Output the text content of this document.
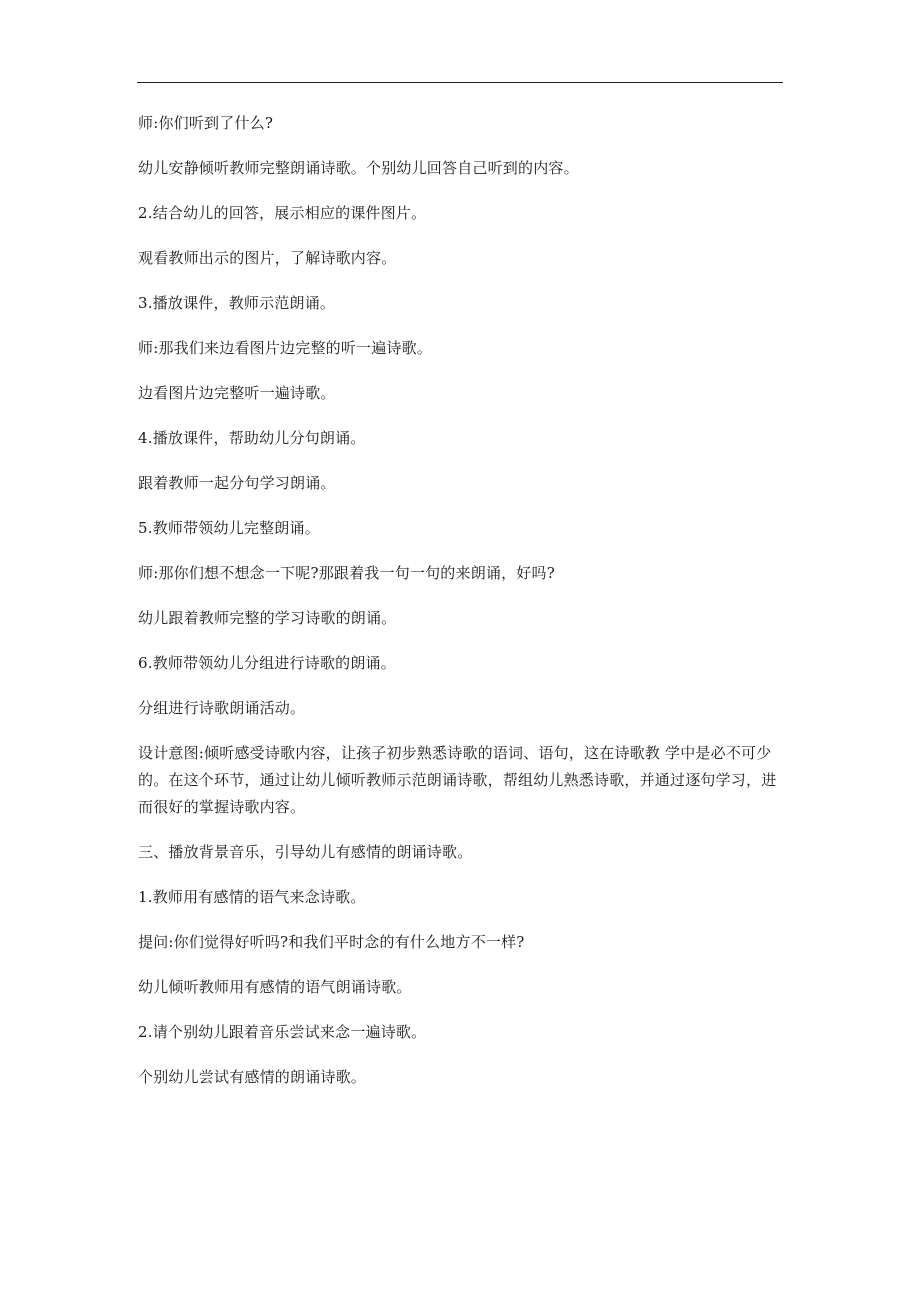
师:你们听到了什么?

幼儿安静倾听教师完整朗诵诗歌。个别幼儿回答自己听到的内容。

2.结合幼儿的回答，展示相应的课件图片。

观看教师出示的图片，了解诗歌内容。

3.播放课件，教师示范朗诵。

师:那我们来边看图片边完整的听一遍诗歌。

边看图片边完整听一遍诗歌。

4.播放课件，帮助幼儿分句朗诵。

跟着教师一起分句学习朗诵。

5.教师带领幼儿完整朗诵。

师:那你们想不想念一下呢?那跟着我一句一句的来朗诵，好吗?

幼儿跟着教师完整的学习诗歌的朗诵。

6.教师带领幼儿分组进行诗歌的朗诵。

分组进行诗歌朗诵活动。

设计意图:倾听感受诗歌内容，让孩子初步熟悉诗歌的语词、语句，这在诗歌教 学中是必不可少的。在这个环节，通过让幼儿倾听教师示范朗诵诗歌，帮组幼儿熟悉诗歌，并通过逐句学习，进而很好的掌握诗歌内容。

三、播放背景音乐，引导幼儿有感情的朗诵诗歌。

1.教师用有感情的语气来念诗歌。

提问:你们觉得好听吗?和我们平时念的有什么地方不一样?

幼儿倾听教师用有感情的语气朗诵诗歌。

2.请个别幼儿跟着音乐尝试来念一遍诗歌。

个别幼儿尝试有感情的朗诵诗歌。
